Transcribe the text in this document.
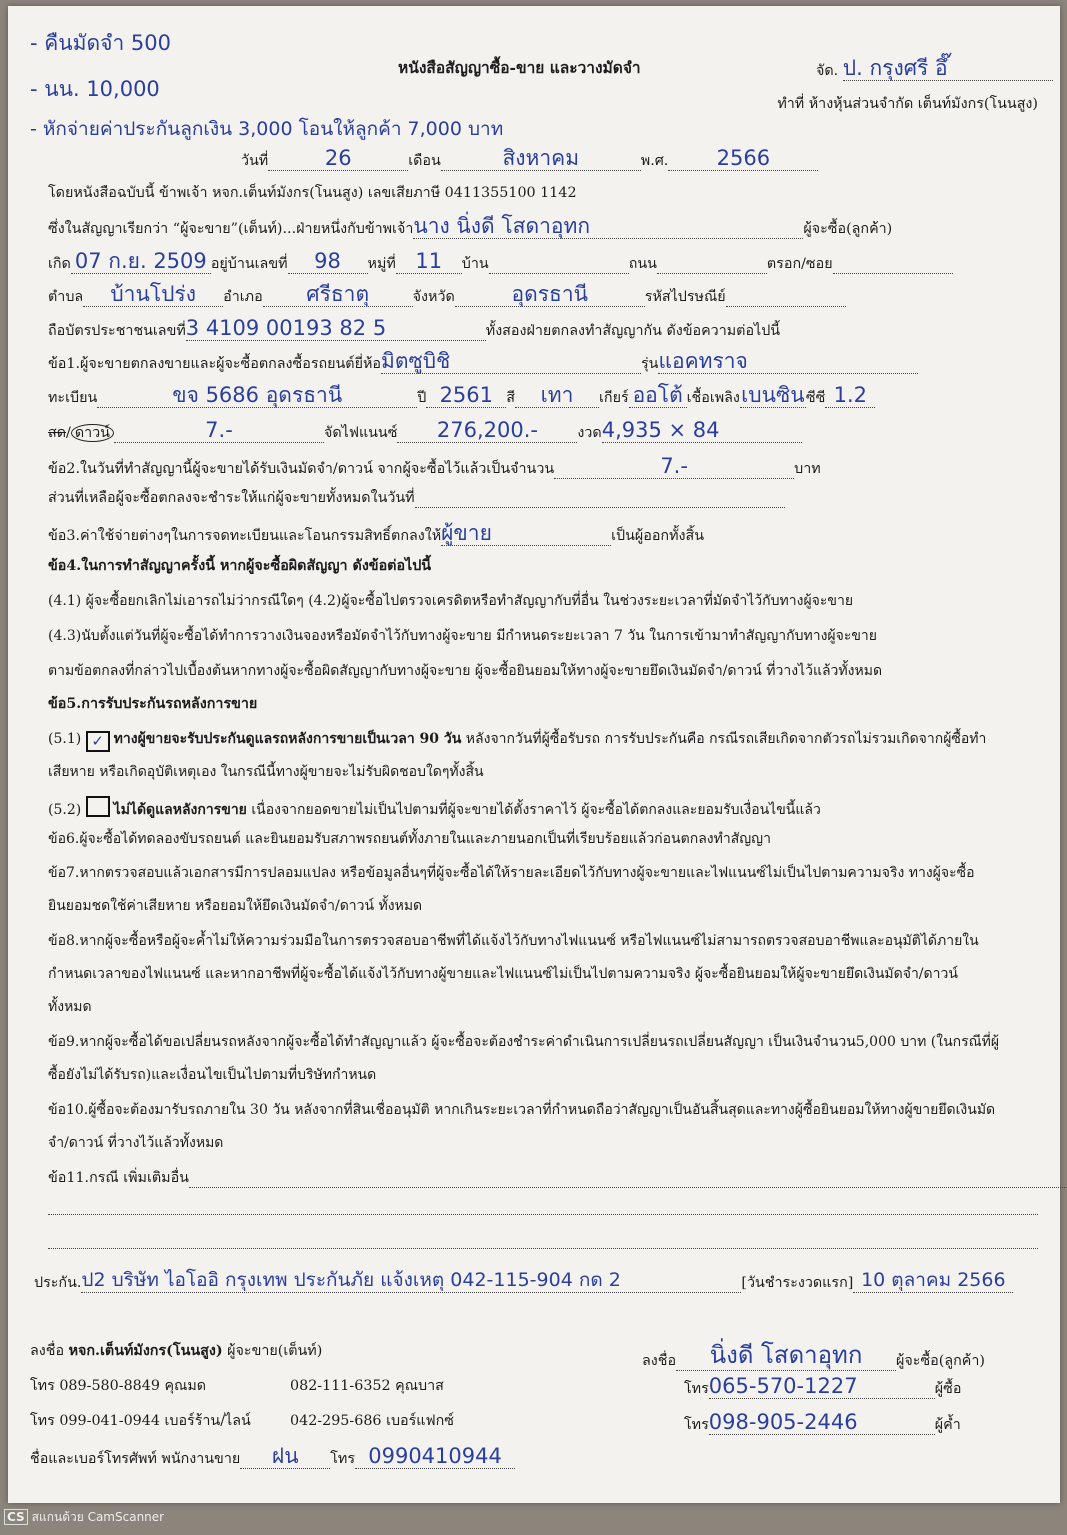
- คืนมัดจำ 500
- นน. 10,000
- หักจ่ายค่าประกันลูกเงิน 3,000 โอนให้ลูกค้า 7,000 บาท
หนังสือสัญญาซื้อ-ขาย และวางมัดจำ	จัด. ป. กรุงศรี อึ๊
ทำที่ ห้างหุ้นส่วนจำกัด เต็นท์มังกร(โนนสูง)
วันที่	26	เดือน	สิงหาคม	พ.ศ. 2566
โดยหนังสือฉบับนี้ ข้าพเจ้า หจก.เต็นท์มังกร(โนนสูง) เลขเสียภาษี 0411355100 1142
ซึ่งในสัญญาเรียกว่า “ผู้จะขาย”(เต็นท์)...ฝ่ายหนึ่งกับข้าพเจ้านาง นิ่งดี โสดาอุทก	ผู้จะซื้อ(ลูกค้า)
เกิด 07 ก.ย. 2509 อยู่บ้านเลขที่ 98 หมู่ที่ 11 บ้าน	ถนน	ตรอก/ซอย
ตำบล บ้านโปร่ง อำเภอ ศรีธาตุ	จังหวัด	อุดรธานี	รหัสไปรษณีย์
ถือบัตรประชาชนเลขที่3 4109 00193 82 5	ทั้งสองฝ่ายตกลงทำสัญญากัน ดังข้อความต่อไปนี้
ข้อ1.ผู้จะขายตกลงขายและผู้จะซื้อตกลงซื้อรถยนต์ยี่ห้อมิตซูบิชิ	รุ่นแอคทราจ
ทะเบียน	ขจ 5686 อุดรธานี	ปี 2561 สี เทา เกียร์ ออโต้ เชื้อเพลิงเบนซินซีซี 1.2
สด/ ดาวน์	7.-	จัดไฟแนนซ์ 276,200.-	งวด4,935 × 84
ข้อ2.ในวันที่ทำสัญญานี้ผู้จะขายได้รับเงินมัดจำ/ดาวน์ จากผู้จะซื้อไว้แล้วเป็นจำนวน	7.-	บาท
ส่วนที่เหลือผู้จะซื้อตกลงจะชำระให้แก่ผู้จะขายทั้งหมดในวันที่
ข้อ3.ค่าใช้จ่ายต่างๆในการจดทะเบียนและโอนกรรมสิทธิ์ตกลงให้ผู้ขาย	เป็นผู้ออกทั้งสิ้น
ข้อ4.ในการทำสัญญาครั้งนี้ หากผู้จะซื้อผิดสัญญา ดังข้อต่อไปนี้
(4.1) ผู้จะซื้อยกเลิกไม่เอารถไม่ว่ากรณีใดๆ (4.2)ผู้จะซื้อไปตรวจเครดิตหรือทำสัญญากับที่อื่น ในช่วงระยะเวลาที่มัดจำไว้กับทางผู้จะขาย
(4.3)นับตั้งแต่วันที่ผู้จะซื้อได้ทำการวางเงินจองหรือมัดจำไว้กับทางผู้จะขาย มีกำหนดระยะเวลา 7 วัน ในการเข้ามาทำสัญญากับทางผู้จะขาย
ตามข้อตกลงที่กล่าวไปเบื้องต้นหากทางผู้จะซื้อผิดสัญญากับทางผู้จะขาย ผู้จะซื้อยินยอมให้ทางผู้จะขายยึดเงินมัดจำ/ดาวน์ ที่วางไว้แล้วทั้งหมด
ข้อ5.การรับประกันรถหลังการขาย
(5.1) ✓ ทางผู้ขายจะรับประกันดูแลรถหลังการขายเป็นเวลา 90 วัน หลังจากวันที่ผู้ซื้อรับรถ การรับประกันคือ กรณีรถเสียเกิดจากตัวรถไม่รวมเกิดจากผู้ซื้อทำ
เสียหาย หรือเกิดอุบัติเหตุเอง ในกรณีนี้ทางผู้ขายจะไม่รับผิดชอบใดๆทั้งสิ้น
(5.2) ไม่ได้ดูแลหลังการขาย เนื่องจากยอดขายไม่เป็นไปตามที่ผู้จะขายได้ตั้งราคาไว้ ผู้จะซื้อได้ตกลงและยอมรับเงื่อนไขนี้แล้ว
ข้อ6.ผู้จะซื้อได้ทดลองขับรถยนต์ และยินยอมรับสภาพรถยนต์ทั้งภายในและภายนอกเป็นที่เรียบร้อยแล้วก่อนตกลงทำสัญญา
ข้อ7.หากตรวจสอบแล้วเอกสารมีการปลอมแปลง หรือข้อมูลอื่นๆที่ผู้จะซื้อได้ให้รายละเอียดไว้กับทางผู้จะขายและไฟแนนซ์ไม่เป็นไปตามความจริง ทางผู้จะซื้อ
ยินยอมชดใช้ค่าเสียหาย หรือยอมให้ยึดเงินมัดจำ/ดาวน์ ทั้งหมด
ข้อ8.หากผู้จะซื้อหรือผู้จะค้ำไม่ให้ความร่วมมือในการตรวจสอบอาชีพที่ได้แจ้งไว้กับทางไฟแนนซ์ หรือไฟแนนซ์ไม่สามารถตรวจสอบอาชีพและอนุมัติได้ภายใน
กำหนดเวลาของไฟแนนซ์ และหากอาชีพที่ผู้จะซื้อได้แจ้งไว้กับทางผู้ขายและไฟแนนซ์ไม่เป็นไปตามความจริง ผู้จะซื้อยินยอมให้ผู้จะขายยึดเงินมัดจำ/ดาวน์
ทั้งหมด
ข้อ9.หากผู้จะซื้อได้ขอเปลี่ยนรถหลังจากผู้จะซื้อได้ทำสัญญาแล้ว ผู้จะซื้อจะต้องชำระค่าดำเนินการเปลี่ยนรถเปลี่ยนสัญญา เป็นเงินจำนวน5,000 บาท (ในกรณีที่ผู้
ซื้อยังไม่ได้รับรถ)และเงื่อนไขเป็นไปตามที่บริษัทกำหนด
ข้อ10.ผู้ซื้อจะต้องมารับรถภายใน 30 วัน หลังจากที่สินเชื่ออนุมัติ หากเกินระยะเวลาที่กำหนดถือว่าสัญญาเป็นอันสิ้นสุดและทางผู้ซื้อยินยอมให้ทางผู้ขายยึดเงินมัด
จำ/ดาวน์ ที่วางไว้แล้วทั้งหมด
ข้อ11.กรณี เพิ่มเติมอื่น
ประกัน.ป2 บริษัท ไอโออิ กรุงเทพ ประกันภัย แจ้งเหตุ 042-115-904 กด 2	[วันชำระงวดแรก] 10 ตุลาคม 2566
ลงชื่อ หจก.เต็นท์มังกร(โนนสูง) ผู้จะขาย(เต็นท์)
ลงชื่อ นิ่งดี โสดาอุทก ผู้จะซื้อ(ลูกค้า)
โทร 089-580-8849 คุณมด	082-111-6352 คุณบาส
โทร 099-041-0944 เบอร์ร้าน/ไลน์	042-295-686 เบอร์แฟกซ์
โทร065-570-1227	ผู้ซื้อ
โทร098-905-2446	ผู้ค้ำ
ชื่อและเบอร์โทรศัพท์ พนักงานขาย ฝน โทร 0990410944
CS สแกนด้วย CamScanner
